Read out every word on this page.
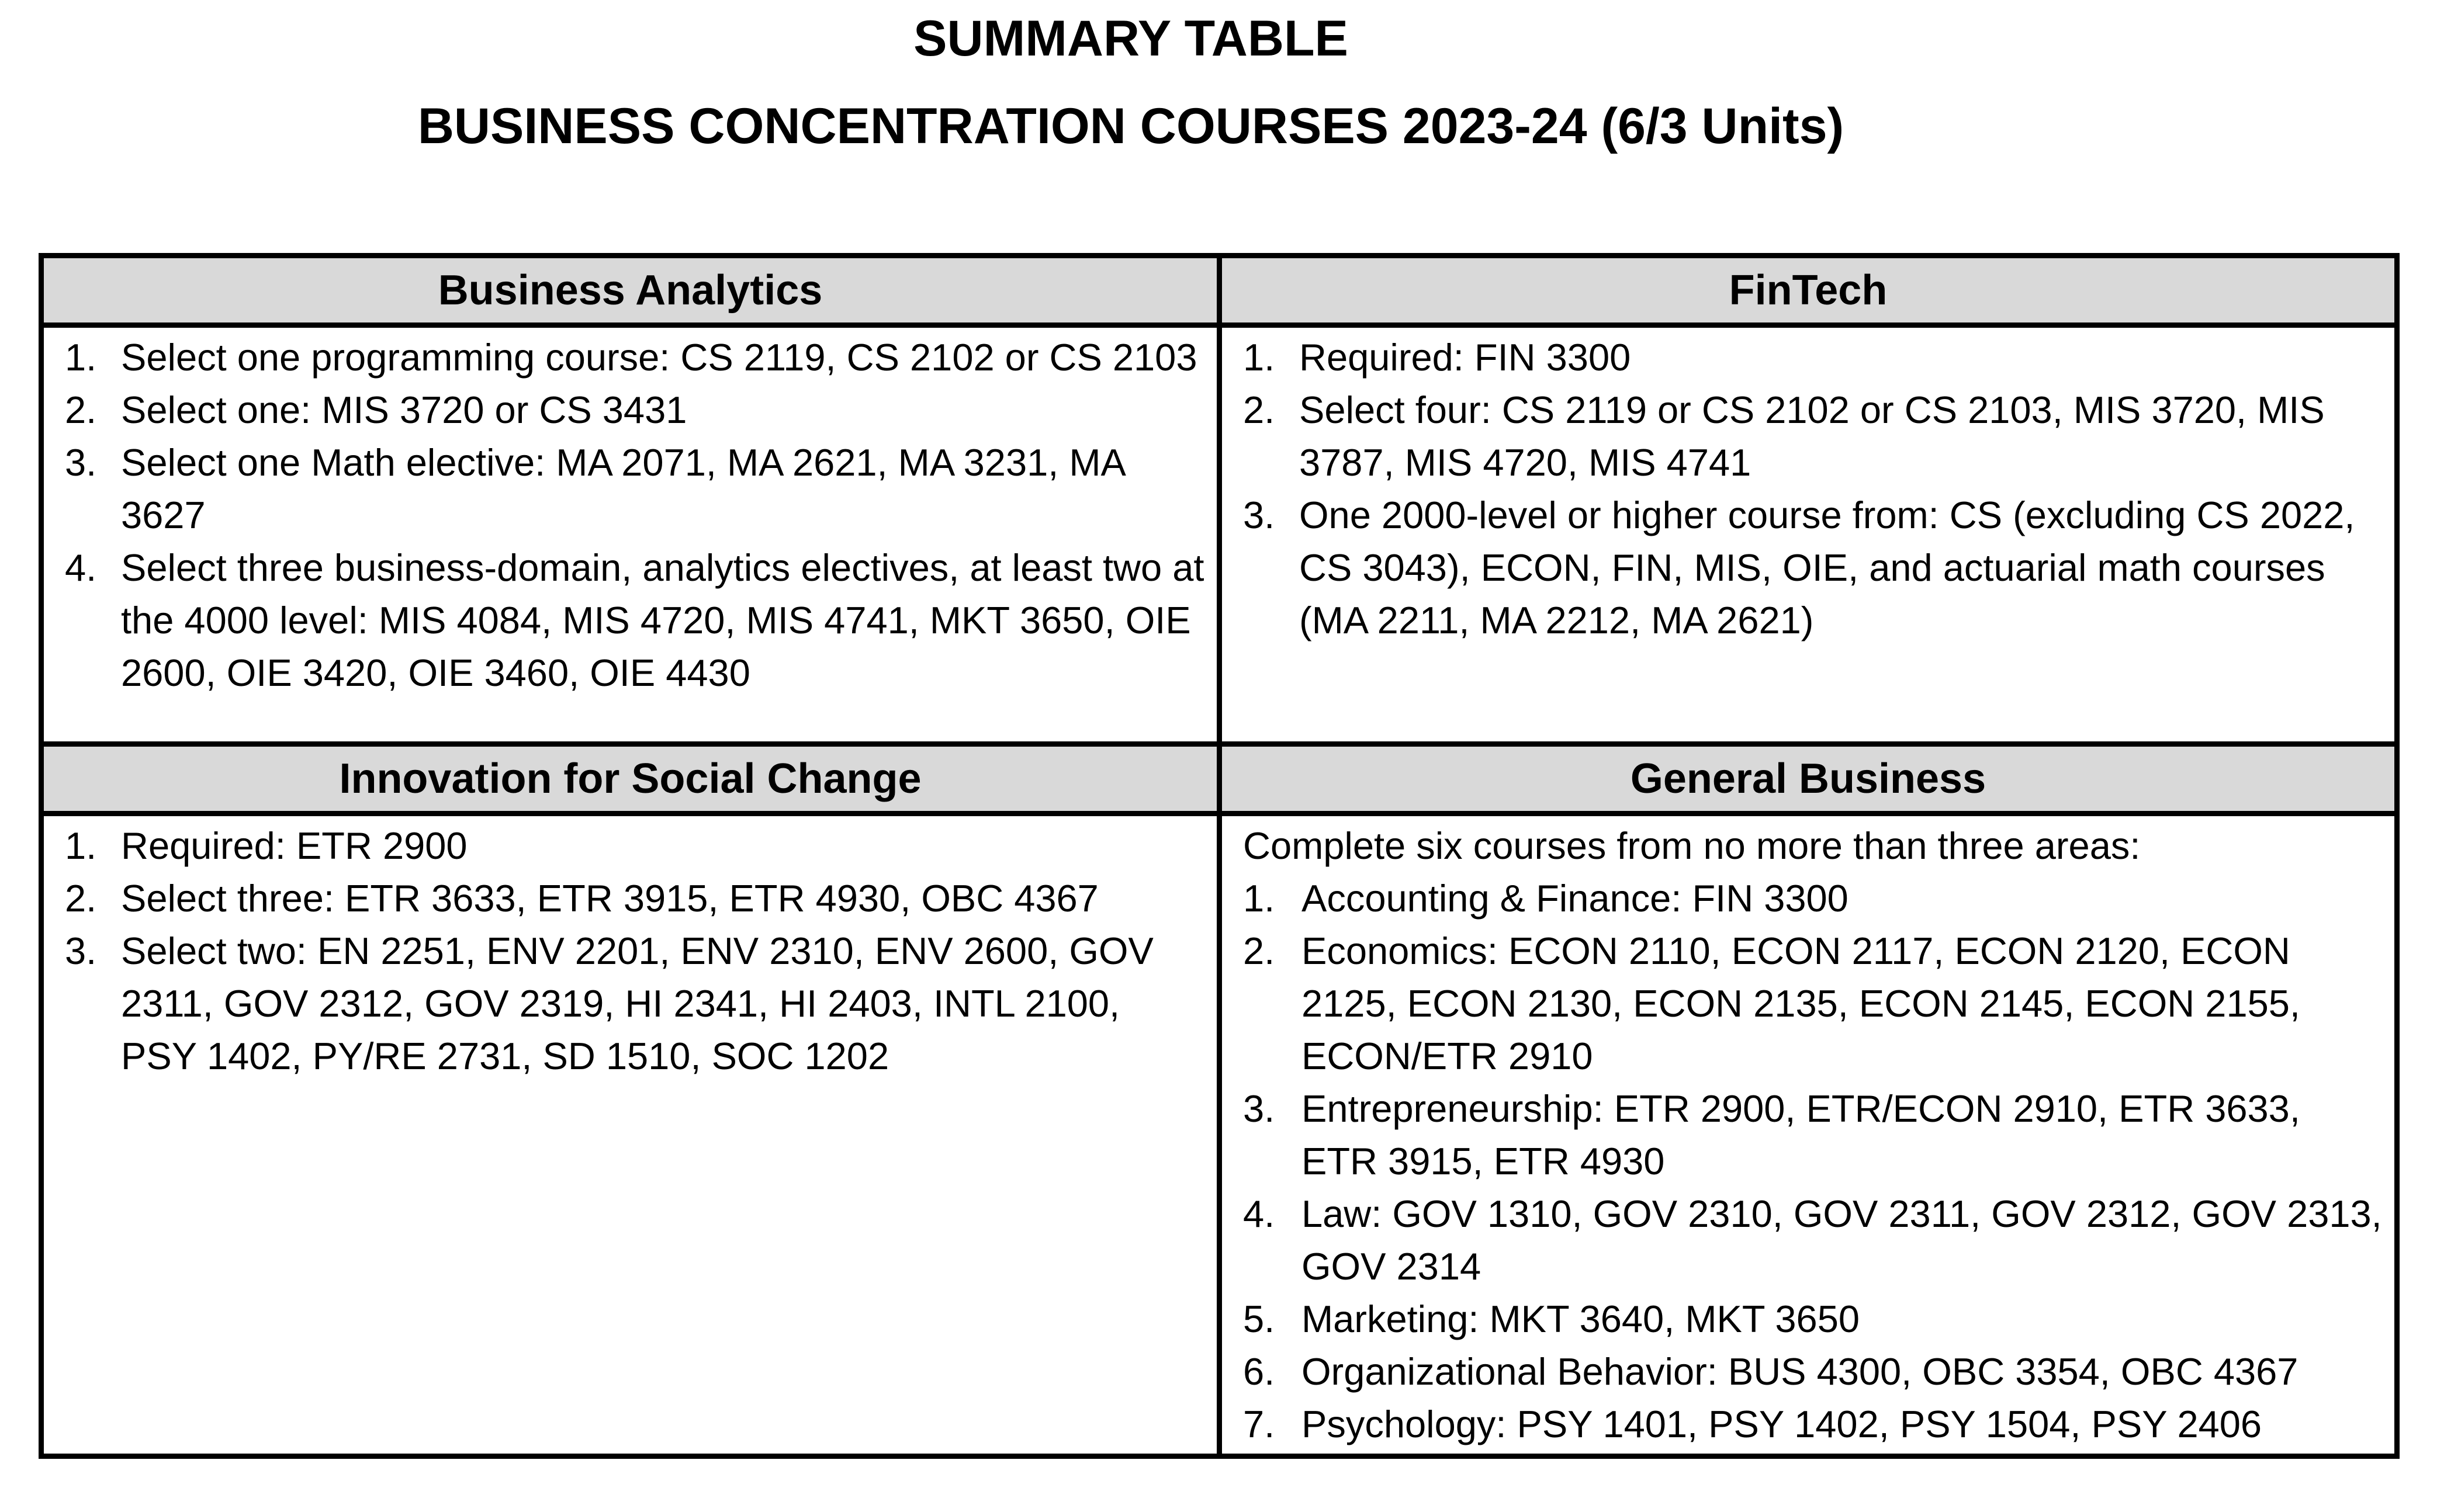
SUMMARY TABLE
BUSINESS CONCENTRATION COURSES 2023-24 (6/3 Units)
Business Analytics
1. Select one programming course: CS 2119, CS 2102 or CS 2103
2. Select one: MIS 3720 or CS 3431
3. Select one Math elective: MA 2071, MA 2621, MA 3231, MA 3627
4. Select three business-domain, analytics electives, at least two at the 4000 level: MIS 4084, MIS 4720, MIS 4741, MKT 3650, OIE 2600, OIE 3420, OIE 3460, OIE 4430
FinTech
1. Required: FIN 3300
2. Select four: CS 2119 or CS 2102 or CS 2103, MIS 3720, MIS 3787, MIS 4720, MIS 4741
3. One 2000-level or higher course from: CS (excluding CS 2022, CS 3043), ECON, FIN, MIS, OIE, and actuarial math courses (MA 2211, MA 2212, MA 2621)
Innovation for Social Change
1. Required: ETR 2900
2. Select three: ETR 3633, ETR 3915, ETR 4930, OBC 4367
3. Select two: EN 2251, ENV 2201, ENV 2310, ENV 2600, GOV 2311, GOV 2312, GOV 2319, HI 2341, HI 2403, INTL 2100, PSY 1402, PY/RE 2731, SD 1510, SOC 1202
General Business
Complete six courses from no more than three areas:
1. Accounting & Finance: FIN 3300
2. Economics: ECON 2110, ECON 2117, ECON 2120, ECON 2125, ECON 2130, ECON 2135, ECON 2145, ECON 2155, ECON/ETR 2910
3. Entrepreneurship: ETR 2900, ETR/ECON 2910, ETR 3633, ETR 3915, ETR 4930
4. Law: GOV 1310, GOV 2310, GOV 2311, GOV 2312, GOV 2313, GOV 2314
5. Marketing: MKT 3640, MKT 3650
6. Organizational Behavior: BUS 4300, OBC 3354, OBC 4367
7. Psychology: PSY 1401, PSY 1402, PSY 1504, PSY 2406
